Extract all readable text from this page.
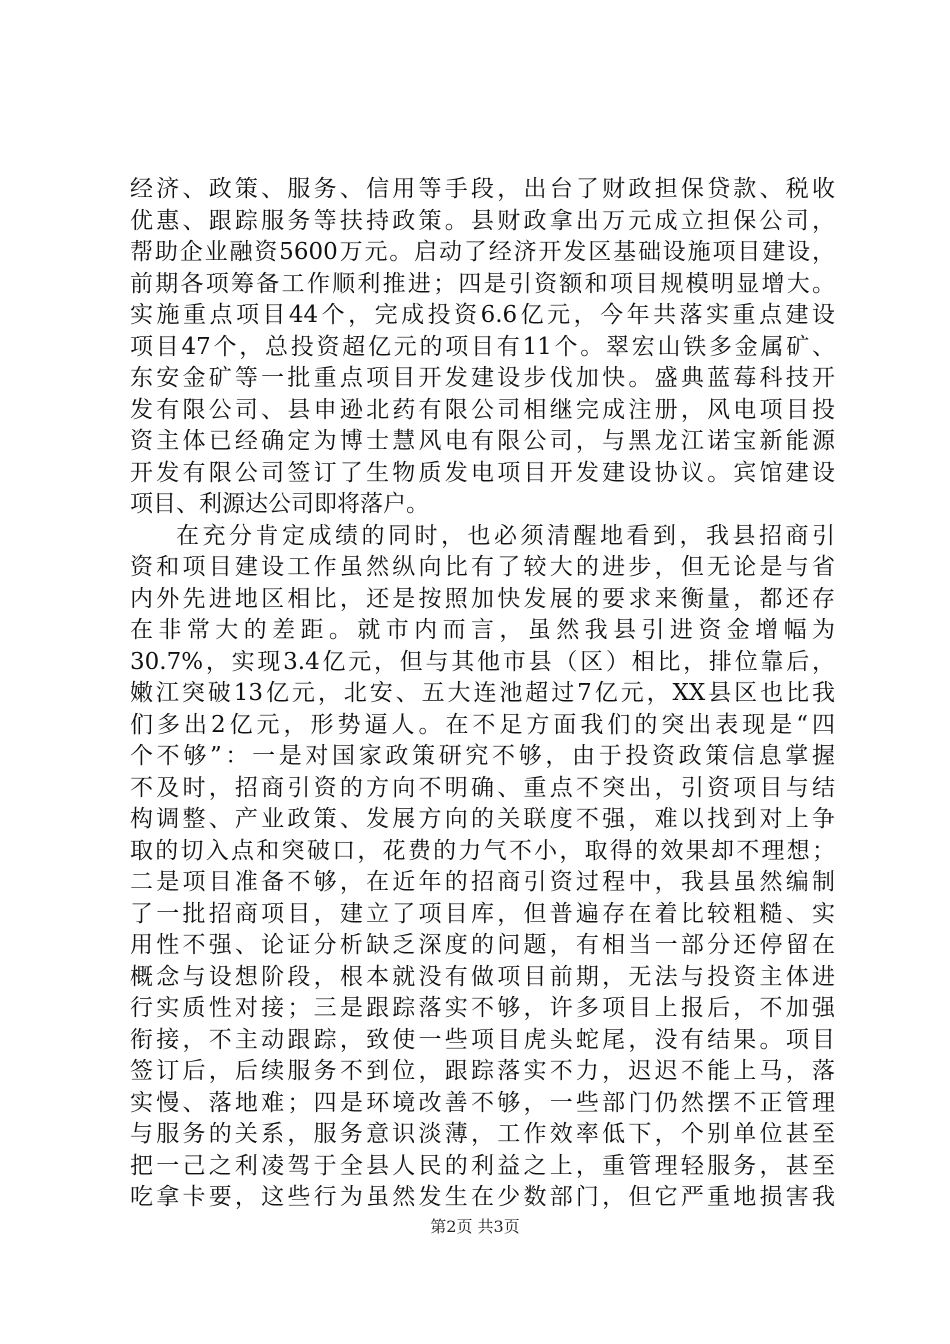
经济、政策、服务、信用等手段，出台了财政担保贷款、税收
优惠、跟踪服务等扶持政策。县财政拿出万元成立担保公司，
帮助企业融资5600万元。启动了经济开发区基础设施项目建设，
前期各项筹备工作顺利推进；四是引资额和项目规模明显增大。
实施重点项目44个，完成投资6.6亿元，今年共落实重点建设
项目47个，总投资超亿元的项目有11个。翠宏山铁多金属矿、
东安金矿等一批重点项目开发建设步伐加快。盛典蓝莓科技开
发有限公司、县申逊北药有限公司相继完成注册，风电项目投
资主体已经确定为博士慧风电有限公司，与黑龙江诺宝新能源
开发有限公司签订了生物质发电项目开发建设协议。宾馆建设
项目、利源达公司即将落户。
在充分肯定成绩的同时，也必须清醒地看到，我县招商引
资和项目建设工作虽然纵向比有了较大的进步，但无论是与省
内外先进地区相比，还是按照加快发展的要求来衡量，都还存
在非常大的差距。就市内而言，虽然我县引进资金增幅为
30.7%，实现3.4亿元，但与其他市县（区）相比，排位靠后，
嫩江突破13亿元，北安、五大连池超过7亿元，XX县区也比我
们多出2亿元，形势逼人。在不足方面我们的突出表现是“四
个不够”：一是对国家政策研究不够，由于投资政策信息掌握
不及时，招商引资的方向不明确、重点不突出，引资项目与结
构调整、产业政策、发展方向的关联度不强，难以找到对上争
取的切入点和突破口，花费的力气不小，取得的效果却不理想；
二是项目准备不够，在近年的招商引资过程中，我县虽然编制
了一批招商项目，建立了项目库，但普遍存在着比较粗糙、实
用性不强、论证分析缺乏深度的问题，有相当一部分还停留在
概念与设想阶段，根本就没有做项目前期，无法与投资主体进
行实质性对接；三是跟踪落实不够，许多项目上报后，不加强
衔接，不主动跟踪，致使一些项目虎头蛇尾，没有结果。项目
签订后，后续服务不到位，跟踪落实不力，迟迟不能上马，落
实慢、落地难；四是环境改善不够，一些部门仍然摆不正管理
与服务的关系，服务意识淡薄，工作效率低下，个别单位甚至
把一己之利凌驾于全县人民的利益之上，重管理轻服务，甚至
吃拿卡要，这些行为虽然发生在少数部门，但它严重地损害我
第2页 共3页
